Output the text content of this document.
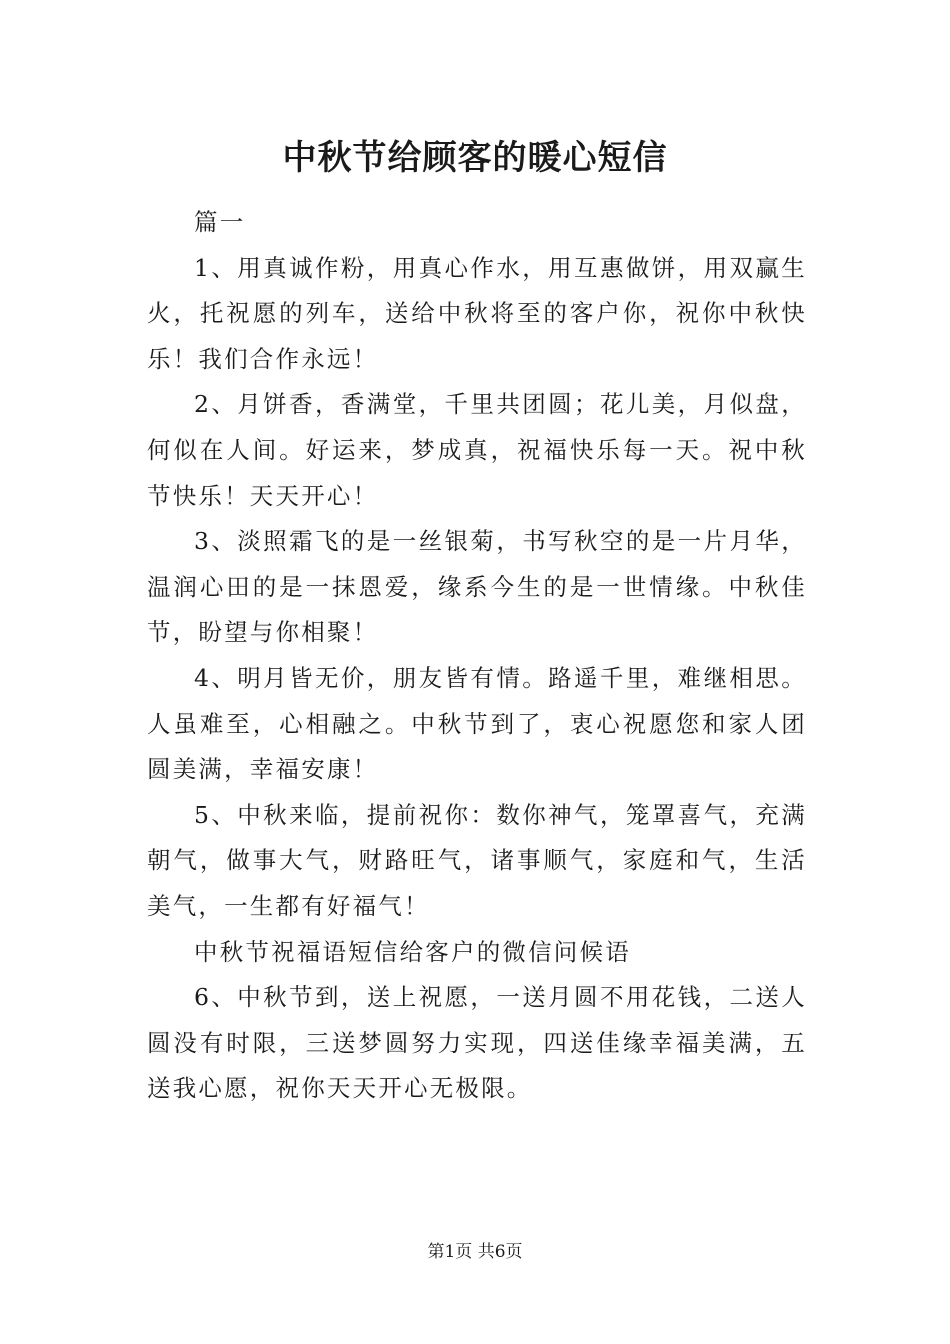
中秋节给顾客的暖心短信

篇一

1、用真诚作粉，用真心作水，用互惠做饼，用双赢生火，托祝愿的列车，送给中秋将至的客户你，祝你中秋快乐！我们合作永远！

2、月饼香，香满堂，千里共团圆；花儿美，月似盘，何似在人间。好运来，梦成真，祝福快乐每一天。祝中秋节快乐！天天开心！

3、淡照霜飞的是一丝银菊，书写秋空的是一片月华，温润心田的是一抹恩爱，缘系今生的是一世情缘。中秋佳节，盼望与你相聚！

4、明月皆无价，朋友皆有情。路遥千里，难继相思。人虽难至，心相融之。中秋节到了，衷心祝愿您和家人团圆美满，幸福安康！

5、中秋来临，提前祝你：数你神气，笼罩喜气，充满朝气，做事大气，财路旺气，诸事顺气，家庭和气，生活美气，一生都有好福气！

中秋节祝福语短信给客户的微信问候语

6、中秋节到，送上祝愿，一送月圆不用花钱，二送人圆没有时限，三送梦圆努力实现，四送佳缘幸福美满，五送我心愿，祝你天天开心无极限。

第1页 共6页
